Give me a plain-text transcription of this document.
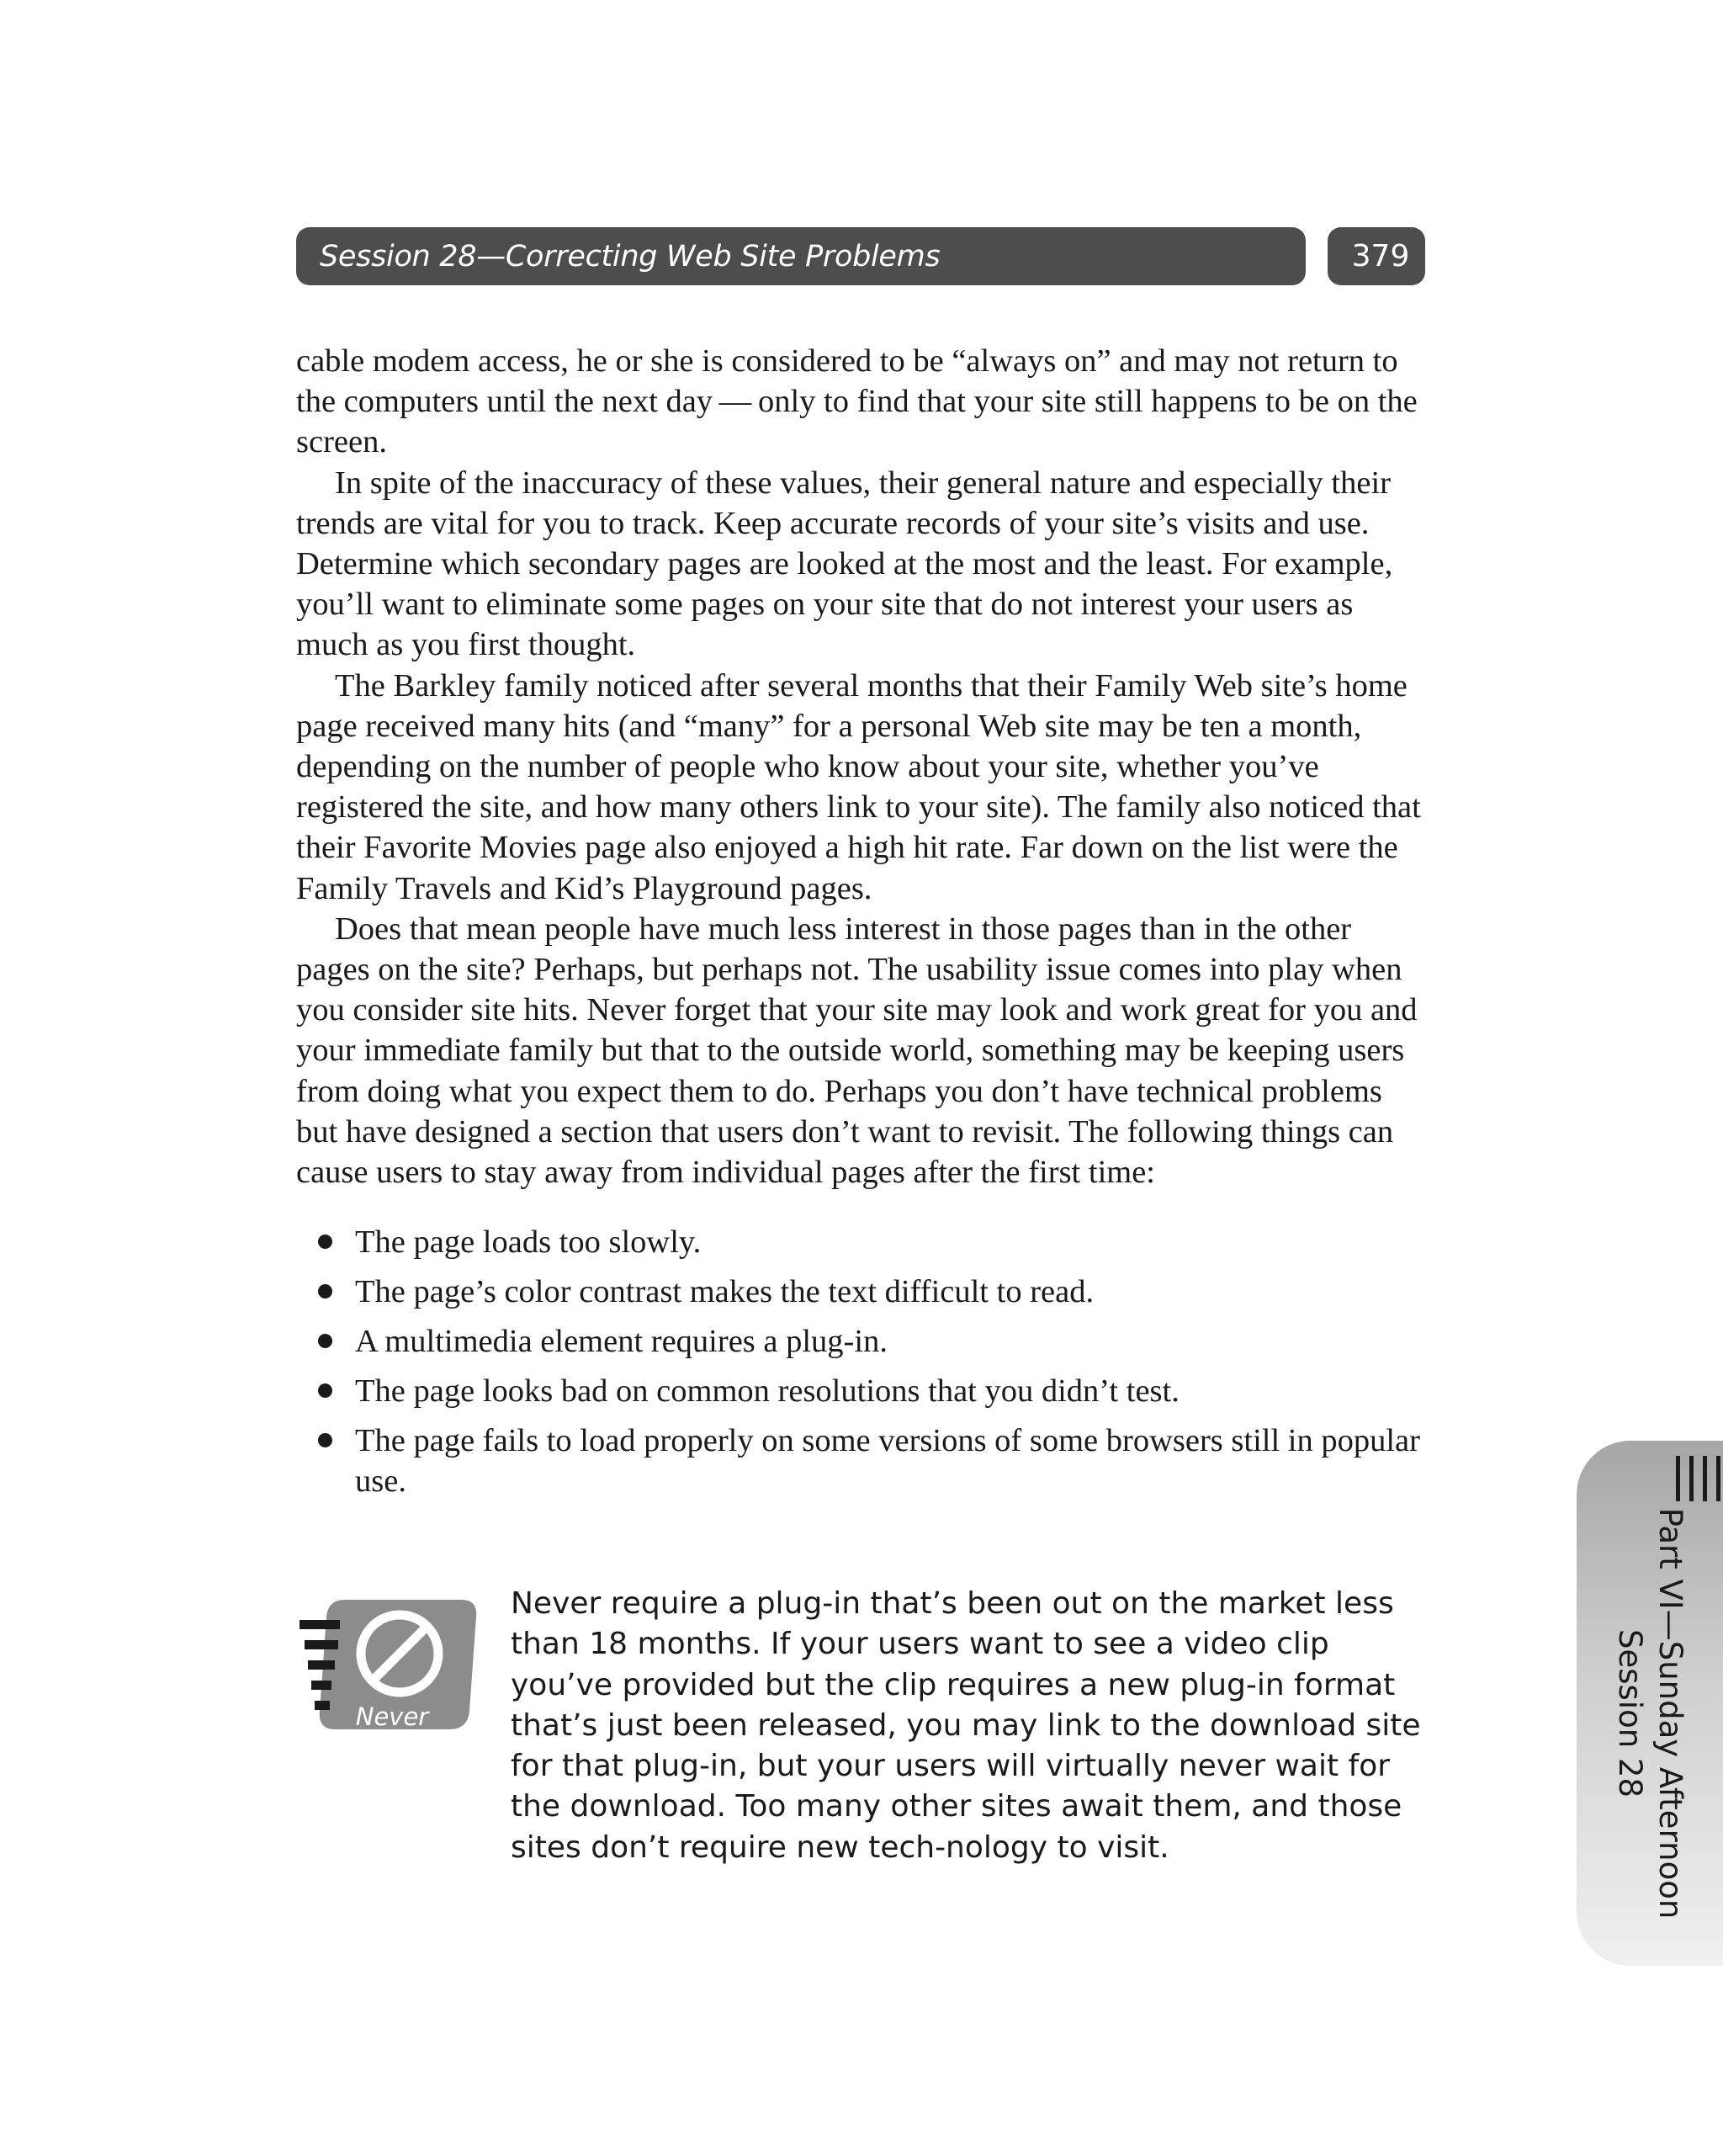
Session 28—Correcting Web Site Problems	379

cable modem access, he or she is considered to be “always on” and may not return to the computers until the next day — only to find that your site still happens to be on the screen.

In spite of the inaccuracy of these values, their general nature and especially their trends are vital for you to track. Keep accurate records of your site’s visits and use. Determine which secondary pages are looked at the most and the least. For example, you’ll want to eliminate some pages on your site that do not interest your users as much as you first thought.

The Barkley family noticed after several months that their Family Web site’s home page received many hits (and “many” for a personal Web site may be ten a month, depending on the number of people who know about your site, whether you’ve registered the site, and how many others link to your site). The family also noticed that their Favorite Movies page also enjoyed a high hit rate. Far down on the list were the Family Travels and Kid’s Playground pages.

Does that mean people have much less interest in those pages than in the other pages on the site? Perhaps, but perhaps not. The usability issue comes into play when you consider site hits. Never forget that your site may look and work great for you and your immediate family but that to the outside world, something may be keeping users from doing what you expect them to do. Perhaps you don’t have technical problems but have designed a section that users don’t want to revisit. The following things can cause users to stay away from individual pages after the first time:

The page loads too slowly.
The page’s color contrast makes the text difficult to read.
A multimedia element requires a plug-in.
The page looks bad on common resolutions that you didn’t test.
The page fails to load properly on some versions of some browsers still in popular use.
Never
Never require a plug-in that’s been out on the market less than 18 months. If your users want to see a video clip you’ve provided but the clip requires a new plug-in format that’s just been released, you may link to the download site for that plug-in, but your users will virtually never wait for the download. Too many other sites await them, and those sites don’t require new tech-nology to visit.	Part VI—Sunday Afternoon
Session 28
